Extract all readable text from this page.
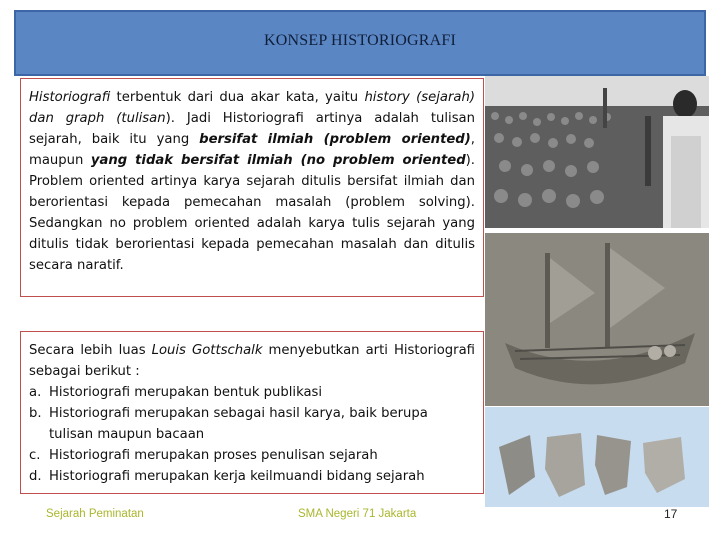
KONSEP HISTORIOGRAFI
Historiografi terbentuk dari dua akar kata, yaitu history (sejarah) dan graph (tulisan). Jadi Historiografi artinya adalah tulisan sejarah, baik itu yang bersifat ilmiah (problem oriented), maupun yang tidak bersifat ilmiah (no problem oriented). Problem oriented artinya karya sejarah ditulis bersifat ilmiah dan berorientasi kepada pemecahan masalah (problem solving). Sedangkan no problem oriented adalah karya tulis sejarah yang ditulis tidak berorientasi kepada pemecahan masalah dan ditulis secara naratif.

Secara lebih luas Louis Gottschalk menyebutkan arti Historiografi sebagai berikut :

a. Historiografi merupakan bentuk publikasi
b. Historiografi merupakan sebagai hasil karya, baik berupa tulisan maupun bacaan
c. Historiografi merupakan proses penulisan sejarah
d. Historiografi merupakan kerja keilmuandi bidang sejarah
Sejarah Peminatan	SMA Negeri 71 Jakarta	17
